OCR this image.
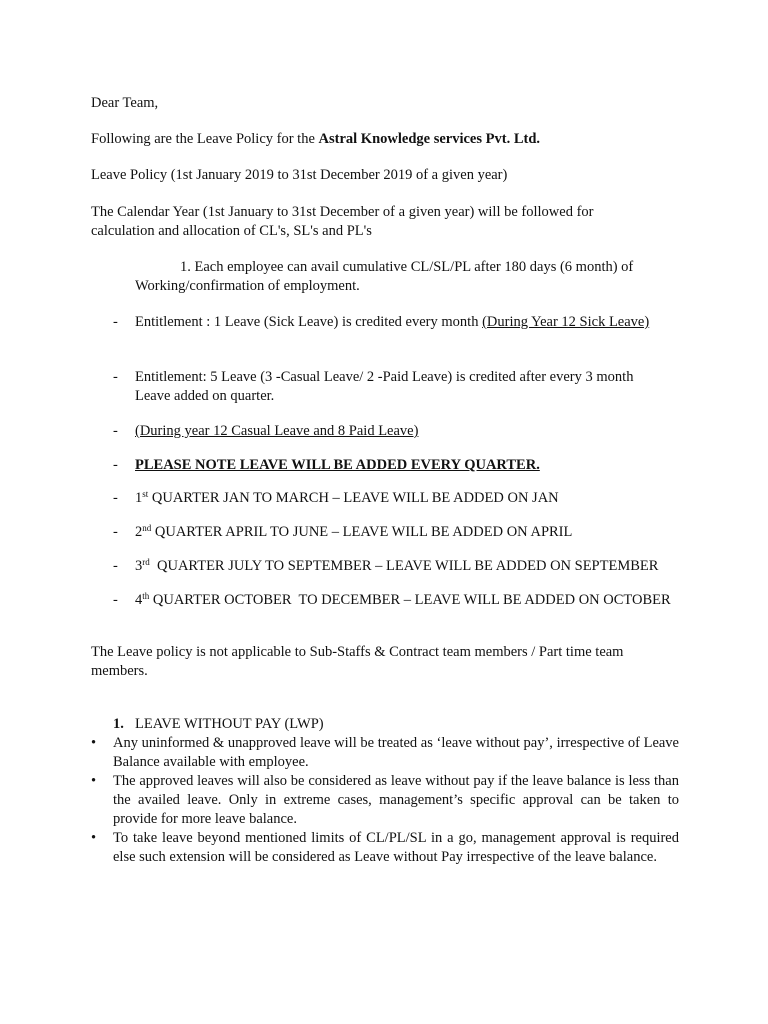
Dear Team,

Following are the Leave Policy for the Astral Knowledge services Pvt. Ltd.

Leave Policy (1st January 2019 to 31st December 2019 of a given year)

The Calendar Year (1st January to 31st December of a given year) will be followed for calculation and allocation of CL's, SL's and PL's

1. Each employee can avail cumulative CL/SL/PL after 180 days (6 month) of Working/confirmation of employment.

- Entitlement : 1 Leave (Sick Leave) is credited every month (During Year 12 Sick Leave)
- Entitlement: 5 Leave (3 -Casual Leave/ 2 -Paid Leave) is credited after every 3 month Leave added on quarter.
- (During year 12 Casual Leave and 8 Paid Leave)
- PLEASE NOTE LEAVE WILL BE ADDED EVERY QUARTER.
- 1st QUARTER JAN TO MARCH – LEAVE WILL BE ADDED ON JAN
- 2nd QUARTER APRIL TO JUNE – LEAVE WILL BE ADDED ON APRIL
- 3rd  QUARTER JULY TO SEPTEMBER – LEAVE WILL BE ADDED ON SEPTEMBER
- 4th QUARTER OCTOBER  TO DECEMBER – LEAVE WILL BE ADDED ON OCTOBER

The Leave policy is not applicable to Sub-Staffs & Contract team members / Part time team members.

1. LEAVE WITHOUT PAY (LWP)

• Any uninformed & unapproved leave will be treated as ‘leave without pay’, irrespective of Leave Balance available with employee.
• The approved leaves will also be considered as leave without pay if the leave balance is less than the availed leave. Only in extreme cases, management’s specific approval can be taken to provide for more leave balance.
• To take leave beyond mentioned limits of CL/PL/SL in a go, management approval is required else such extension will be considered as Leave without Pay irrespective of the leave balance.
